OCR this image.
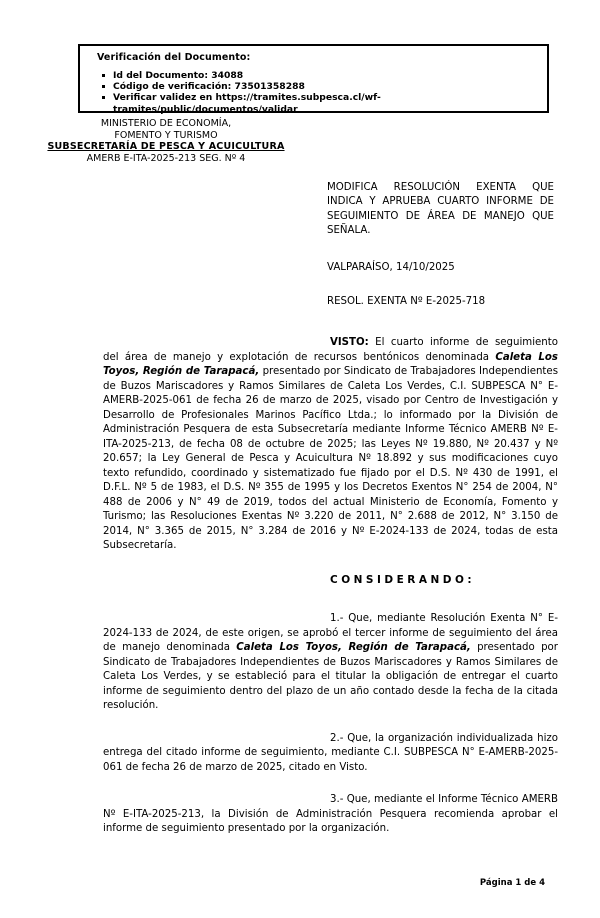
Verificación del Documento:
Id del Documento: 34088
Código de verificación: 73501358288
Verificar validez en https://tramites.subpesca.cl/wf-tramites/public/documentos/validar
MINISTERIO DE ECONOMÍA,
FOMENTO Y TURISMO
SUBSECRETARÍA DE PESCA Y ACUICULTURA
AMERB E-ITA-2025-213 SEG. Nº 4
MODIFICA RESOLUCIÓN EXENTA QUE INDICA Y APRUEBA CUARTO INFORME DE SEGUIMIENTO DE ÁREA DE MANEJO QUE SEÑALA.
VALPARAÍSO, 14/10/2025
RESOL. EXENTA Nº E-2025-718

VISTO: El cuarto informe de seguimiento del área de manejo y explotación de recursos bentónicos denominada Caleta Los Toyos, Región de Tarapacá, presentado por Sindicato de Trabajadores Independientes de Buzos Mariscadores y Ramos Similares de Caleta Los Verdes, C.I. SUBPESCA N° E-AMERB-2025-061 de fecha 26 de marzo de 2025, visado por Centro de Investigación y Desarrollo de Profesionales Marinos Pacífico Ltda.; lo informado por la División de Administración Pesquera de esta Subsecretaría mediante Informe Técnico AMERB Nº E-ITA-2025-213, de fecha 08 de octubre de 2025; las Leyes Nº 19.880, Nº 20.437 y Nº 20.657; la Ley General de Pesca y Acuicultura Nº 18.892 y sus modificaciones cuyo texto refundido, coordinado y sistematizado fue fijado por el D.S. Nº 430 de 1991, el D.F.L. Nº 5 de 1983, el D.S. Nº 355 de 1995 y los Decretos Exentos N° 254 de 2004, N° 488 de 2006 y N° 49 de 2019, todos del actual Ministerio de Economía, Fomento y Turismo; las Resoluciones Exentas Nº 3.220 de 2011, N° 2.688 de 2012, N° 3.150 de 2014, N° 3.365 de 2015, N° 3.284 de 2016 y Nº E-2024-133 de 2024, todas de esta Subsecretaría.

CONSIDERANDO:

1.- Que, mediante Resolución Exenta N° E-2024-133 de 2024, de este origen, se aprobó el tercer informe de seguimiento del área de manejo denominada Caleta Los Toyos, Región de Tarapacá, presentado por Sindicato de Trabajadores Independientes de Buzos Mariscadores y Ramos Similares de Caleta Los Verdes, y se estableció para el titular la obligación de entregar el cuarto informe de seguimiento dentro del plazo de un año contado desde la fecha de la citada resolución.

2.- Que, la organización individualizada hizo entrega del citado informe de seguimiento, mediante C.I. SUBPESCA N° E-AMERB-2025-061 de fecha 26 de marzo de 2025, citado en Visto.

3.- Que, mediante el Informe Técnico AMERB Nº E-ITA-2025-213, la División de Administración Pesquera recomienda aprobar el informe de seguimiento presentado por la organización.

Página 1 de 4
